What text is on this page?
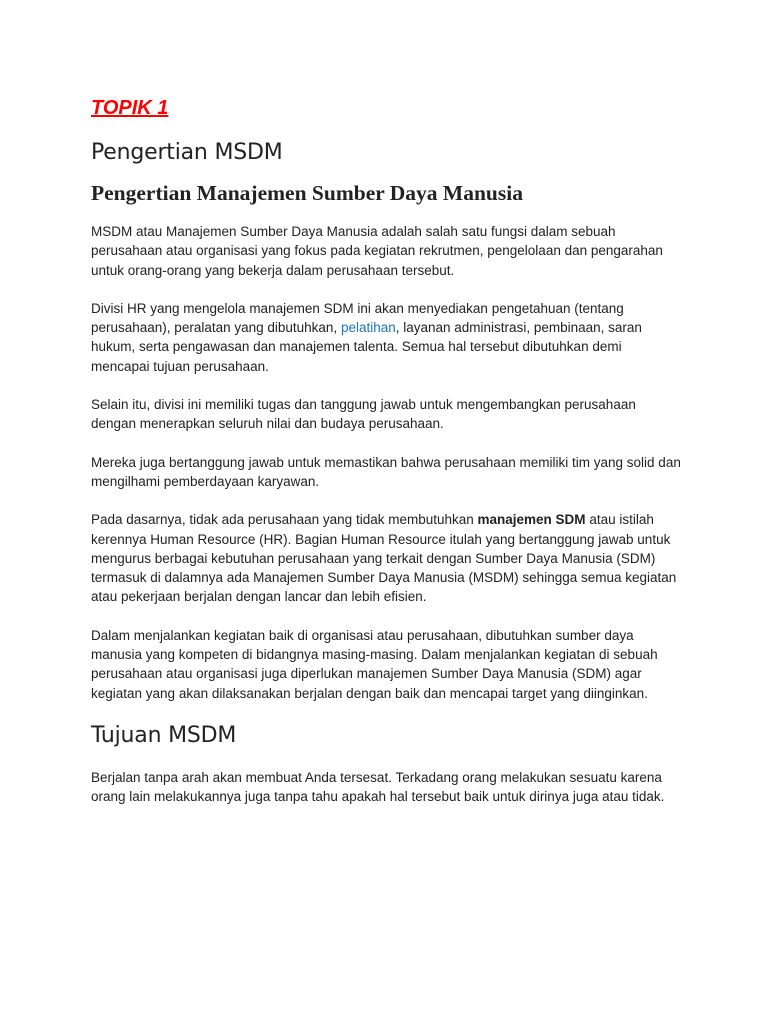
TOPIK 1

Pengertian MSDM
Pengertian Manajemen Sumber Daya Manusia

MSDM atau Manajemen Sumber Daya Manusia adalah salah satu fungsi dalam sebuah perusahaan atau organisasi yang fokus pada kegiatan rekrutmen, pengelolaan dan pengarahan untuk orang-orang yang bekerja dalam perusahaan tersebut.

Divisi HR yang mengelola manajemen SDM ini akan menyediakan pengetahuan (tentang perusahaan), peralatan yang dibutuhkan, pelatihan, layanan administrasi, pembinaan, saran hukum, serta pengawasan dan manajemen talenta. Semua hal tersebut dibutuhkan demi mencapai tujuan perusahaan.

Selain itu, divisi ini memiliki tugas dan tanggung jawab untuk mengembangkan perusahaan dengan menerapkan seluruh nilai dan budaya perusahaan.

Mereka juga bertanggung jawab untuk memastikan bahwa perusahaan memiliki tim yang solid dan mengilhami pemberdayaan karyawan.

Pada dasarnya, tidak ada perusahaan yang tidak membutuhkan manajemen SDM atau istilah kerennya Human Resource (HR). Bagian Human Resource itulah yang bertanggung jawab untuk mengurus berbagai kebutuhan perusahaan yang terkait dengan Sumber Daya Manusia (SDM) termasuk di dalamnya ada Manajemen Sumber Daya Manusia (MSDM) sehingga semua kegiatan atau pekerjaan berjalan dengan lancar dan lebih efisien.

Dalam menjalankan kegiatan baik di organisasi atau perusahaan, dibutuhkan sumber daya manusia yang kompeten di bidangnya masing-masing. Dalam menjalankan kegiatan di sebuah perusahaan atau organisasi juga diperlukan manajemen Sumber Daya Manusia (SDM) agar kegiatan yang akan dilaksanakan berjalan dengan baik dan mencapai target yang diinginkan.

Tujuan MSDM

Berjalan tanpa arah akan membuat Anda tersesat. Terkadang orang melakukan sesuatu karena orang lain melakukannya juga tanpa tahu apakah hal tersebut baik untuk dirinya juga atau tidak.
